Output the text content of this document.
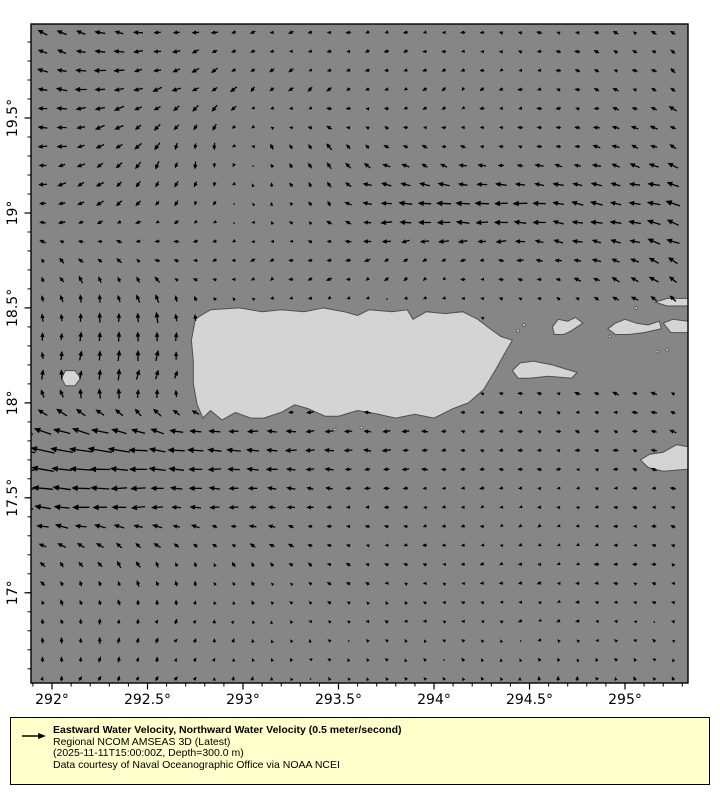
292°	292.5°	293°	293.5°	294°	294.5°	295°
17°
17.5°
18°
18.5°
19°
19.5°
Eastward Water Velocity, Northward Water Velocity (0.5 meter/second)
Regional NCOM AMSEAS 3D (Latest)
(2025-11-11T15:00:00Z, Depth=300.0 m)
Data courtesy of Naval Oceanographic Office via NOAA NCEI
